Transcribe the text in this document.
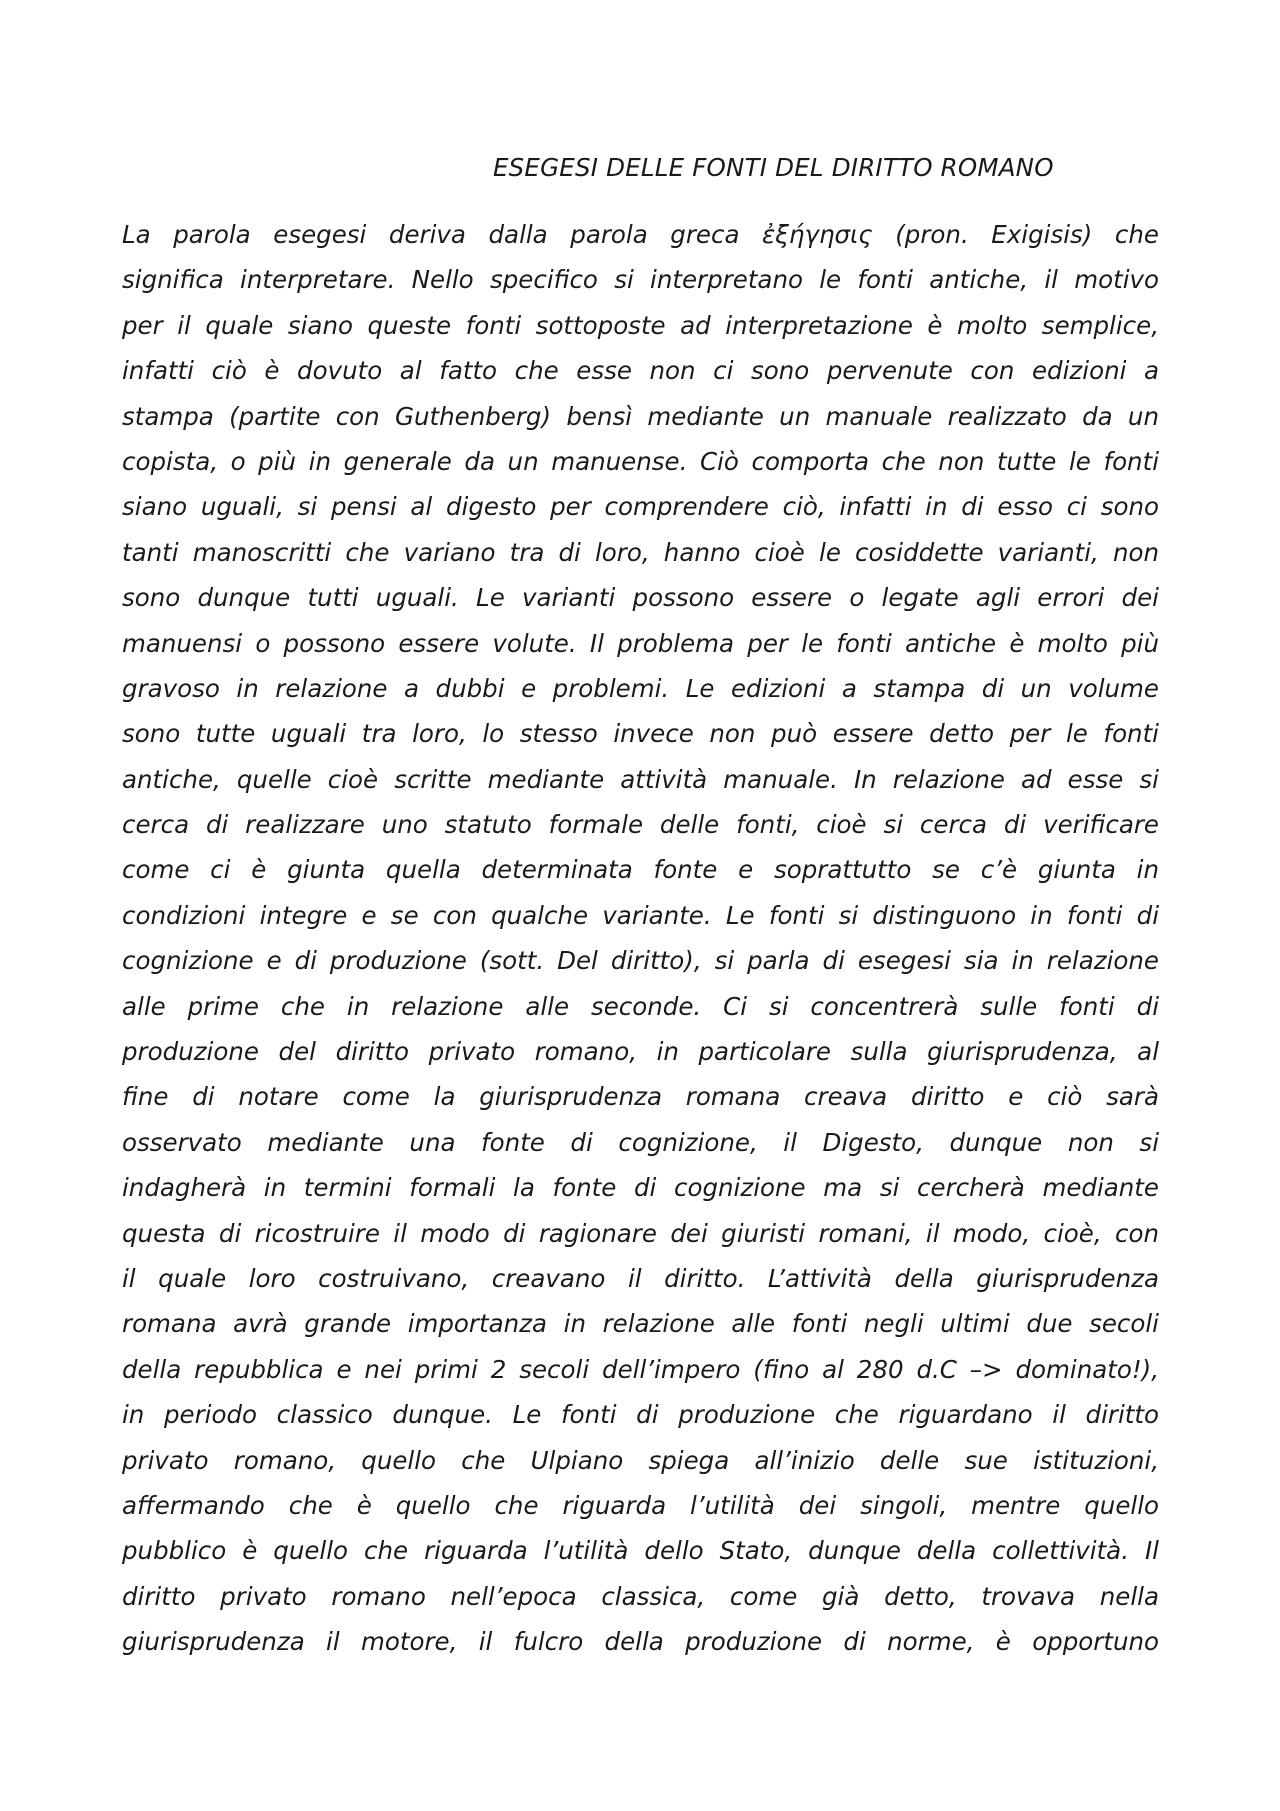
ESEGESI DELLE FONTI DEL DIRITTO ROMANO
La parola esegesi deriva dalla parola greca ἐξήγησις (pron. Exigisis) che
significa interpretare. Nello specifico si interpretano le fonti antiche, il motivo
per il quale siano queste fonti sottoposte ad interpretazione è molto semplice,
infatti ciò è dovuto al fatto che esse non ci sono pervenute con edizioni a
stampa (partite con Guthenberg) bensì mediante un manuale realizzato da un
copista, o più in generale da un manuense. Ciò comporta che non tutte le fonti
siano uguali, si pensi al digesto per comprendere ciò, infatti in di esso ci sono
tanti manoscritti che variano tra di loro, hanno cioè le cosiddette varianti, non
sono dunque tutti uguali. Le varianti possono essere o legate agli errori dei
manuensi o possono essere volute. Il problema per le fonti antiche è molto più
gravoso in relazione a dubbi e problemi. Le edizioni a stampa di un volume
sono tutte uguali tra loro, lo stesso invece non può essere detto per le fonti
antiche, quelle cioè scritte mediante attività manuale. In relazione ad esse si
cerca di realizzare uno statuto formale delle fonti, cioè si cerca di verificare
come ci è giunta quella determinata fonte e soprattutto se c’è giunta in
condizioni integre e se con qualche variante. Le fonti si distinguono in fonti di
cognizione e di produzione (sott. Del diritto), si parla di esegesi sia in relazione
alle prime che in relazione alle seconde. Ci si concentrerà sulle fonti di
produzione del diritto privato romano, in particolare sulla giurisprudenza, al
fine di notare come la giurisprudenza romana creava diritto e ciò sarà
osservato mediante una fonte di cognizione, il Digesto, dunque non si
indagherà in termini formali la fonte di cognizione ma si cercherà mediante
questa di ricostruire il modo di ragionare dei giuristi romani, il modo, cioè, con
il quale loro costruivano, creavano il diritto. L’attività della giurisprudenza
romana avrà grande importanza in relazione alle fonti negli ultimi due secoli
della repubblica e nei primi 2 secoli dell’impero (fino al 280 d.C –> dominato!),
in periodo classico dunque. Le fonti di produzione che riguardano il diritto
privato romano, quello che Ulpiano spiega all’inizio delle sue istituzioni,
affermando che è quello che riguarda l’utilità dei singoli, mentre quello
pubblico è quello che riguarda l’utilità dello Stato, dunque della collettività. Il
diritto privato romano nell’epoca classica, come già detto, trovava nella
giurisprudenza il motore, il fulcro della produzione di norme, è opportuno
